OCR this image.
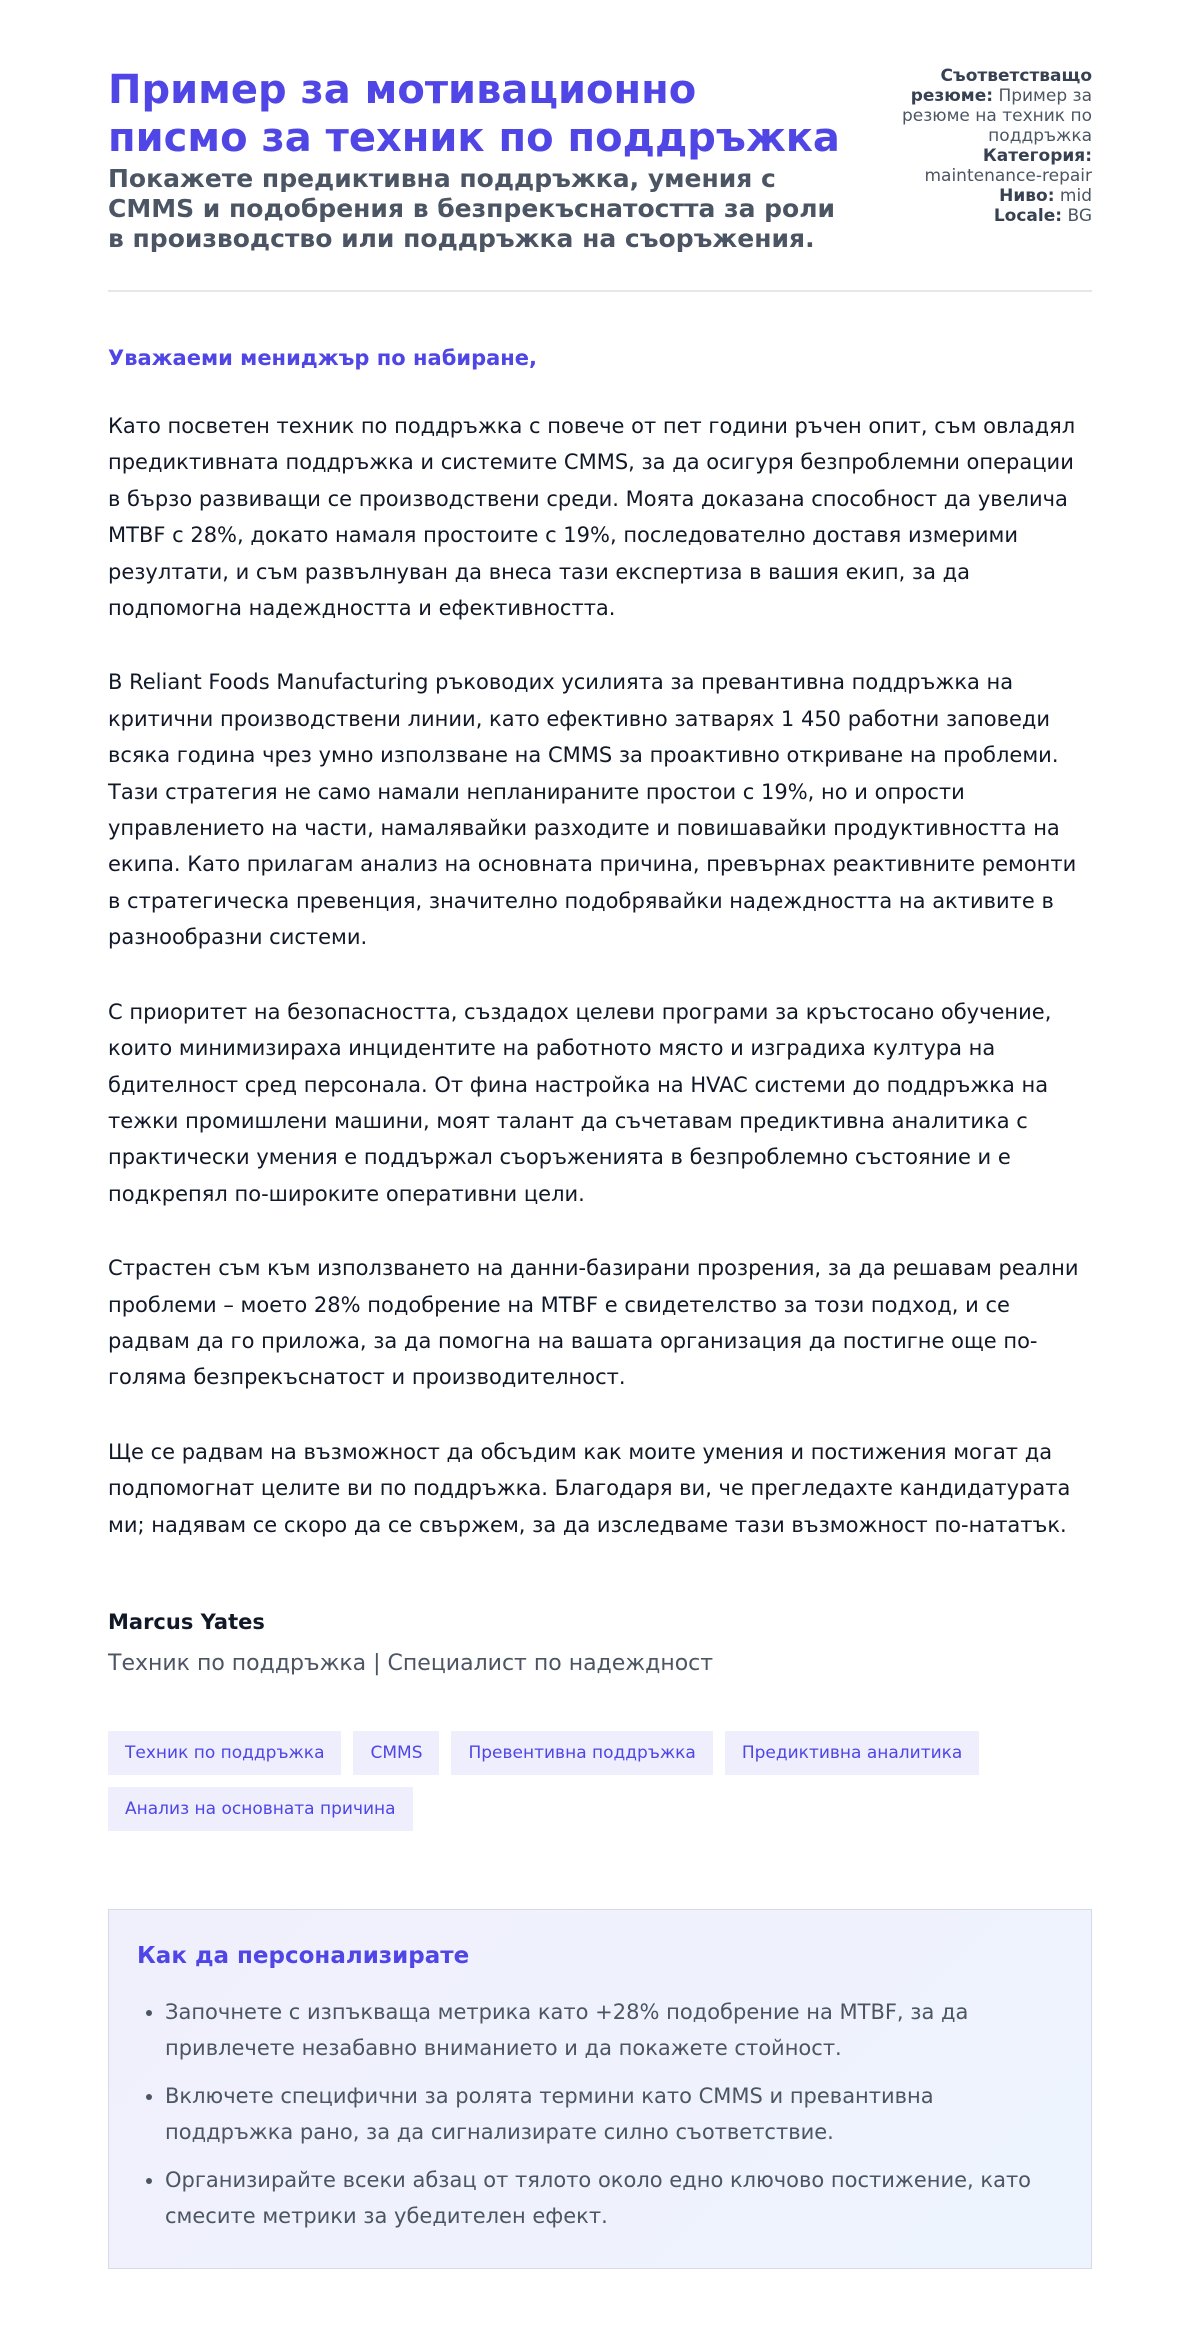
Пример за мотивационно писмо за техник по поддръжка
Покажете предиктивна поддръжка, умения с CMMS и подобрения в безпрекъснатостта за роли в производство или поддръжка на съоръжения.

Съответстващо резюме: Пример за резюме на техник по поддръжка

Категория: maintenance-repair

Ниво: mid

Locale: BG

Уважаеми мениджър по набиране,

Като посветен техник по поддръжка с повече от пет години ръчен опит, съм овладял предиктивната поддръжка и системите CMMS, за да осигуря безпроблемни операции в бързо развиващи се производствени среди. Моята доказана способност да увелича MTBF с 28%, докато намаля простоите с 19%, последователно доставя измерими резултати, и съм развълнуван да внеса тази експертиза в вашия екип, за да подпомогна надеждността и ефективността.

В Reliant Foods Manufacturing ръководих усилията за превантивна поддръжка на критични производствени линии, като ефективно затварях 1 450 работни заповеди всяка година чрез умно използване на CMMS за проактивно откриване на проблеми. Тази стратегия не само намали непланираните простои с 19%, но и опрости управлението на части, намалявайки разходите и повишавайки продуктивността на екипа. Като прилагам анализ на основната причина, превърнах реактивните ремонти в стратегическа превенция, значително подобрявайки надеждността на активите в разнообразни системи.

С приоритет на безопасността, създадох целеви програми за кръстосано обучение, които минимизираха инцидентите на работното място и изградиха култура на бдителност сред персонала. От фина настройка на HVAC системи до поддръжка на тежки промишлени машини, моят талант да съчетавам предиктивна аналитика с практически умения е поддържал съоръженията в безпроблемно състояние и е подкрепял по-широките оперативни цели.

Страстен съм към използването на данни-базирани прозрения, за да решавам реални проблеми – моето 28% подобрение на MTBF е свидетелство за този подход, и се радвам да го приложа, за да помогна на вашата организация да постигне още по-голяма безпрекъснатост и производителност.

Ще се радвам на възможност да обсъдим как моите умения и постижения могат да подпомогнат целите ви по поддръжка. Благодаря ви, че прегледахте кандидатурата ми; надявам се скоро да се свържем, за да изследваме тази възможност по-нататък.

Marcus Yates
Техник по поддръжка | Специалист по надеждност
Техник по поддръжка	CMMS	Превентивна поддръжка	Предиктивна аналитика
Анализ на основната причина
Как да персонализирате
• Започнете с изпъкваща метрика като +28% подобрение на MTBF, за да привлечете незабавно вниманието и да покажете стойност.
• Включете специфични за ролята термини като CMMS и превантивна поддръжка рано, за да сигнализирате силно съответствие.
• Организирайте всеки абзац от тялото около едно ключово постижение, като смесите метрики за убедителен ефект.
